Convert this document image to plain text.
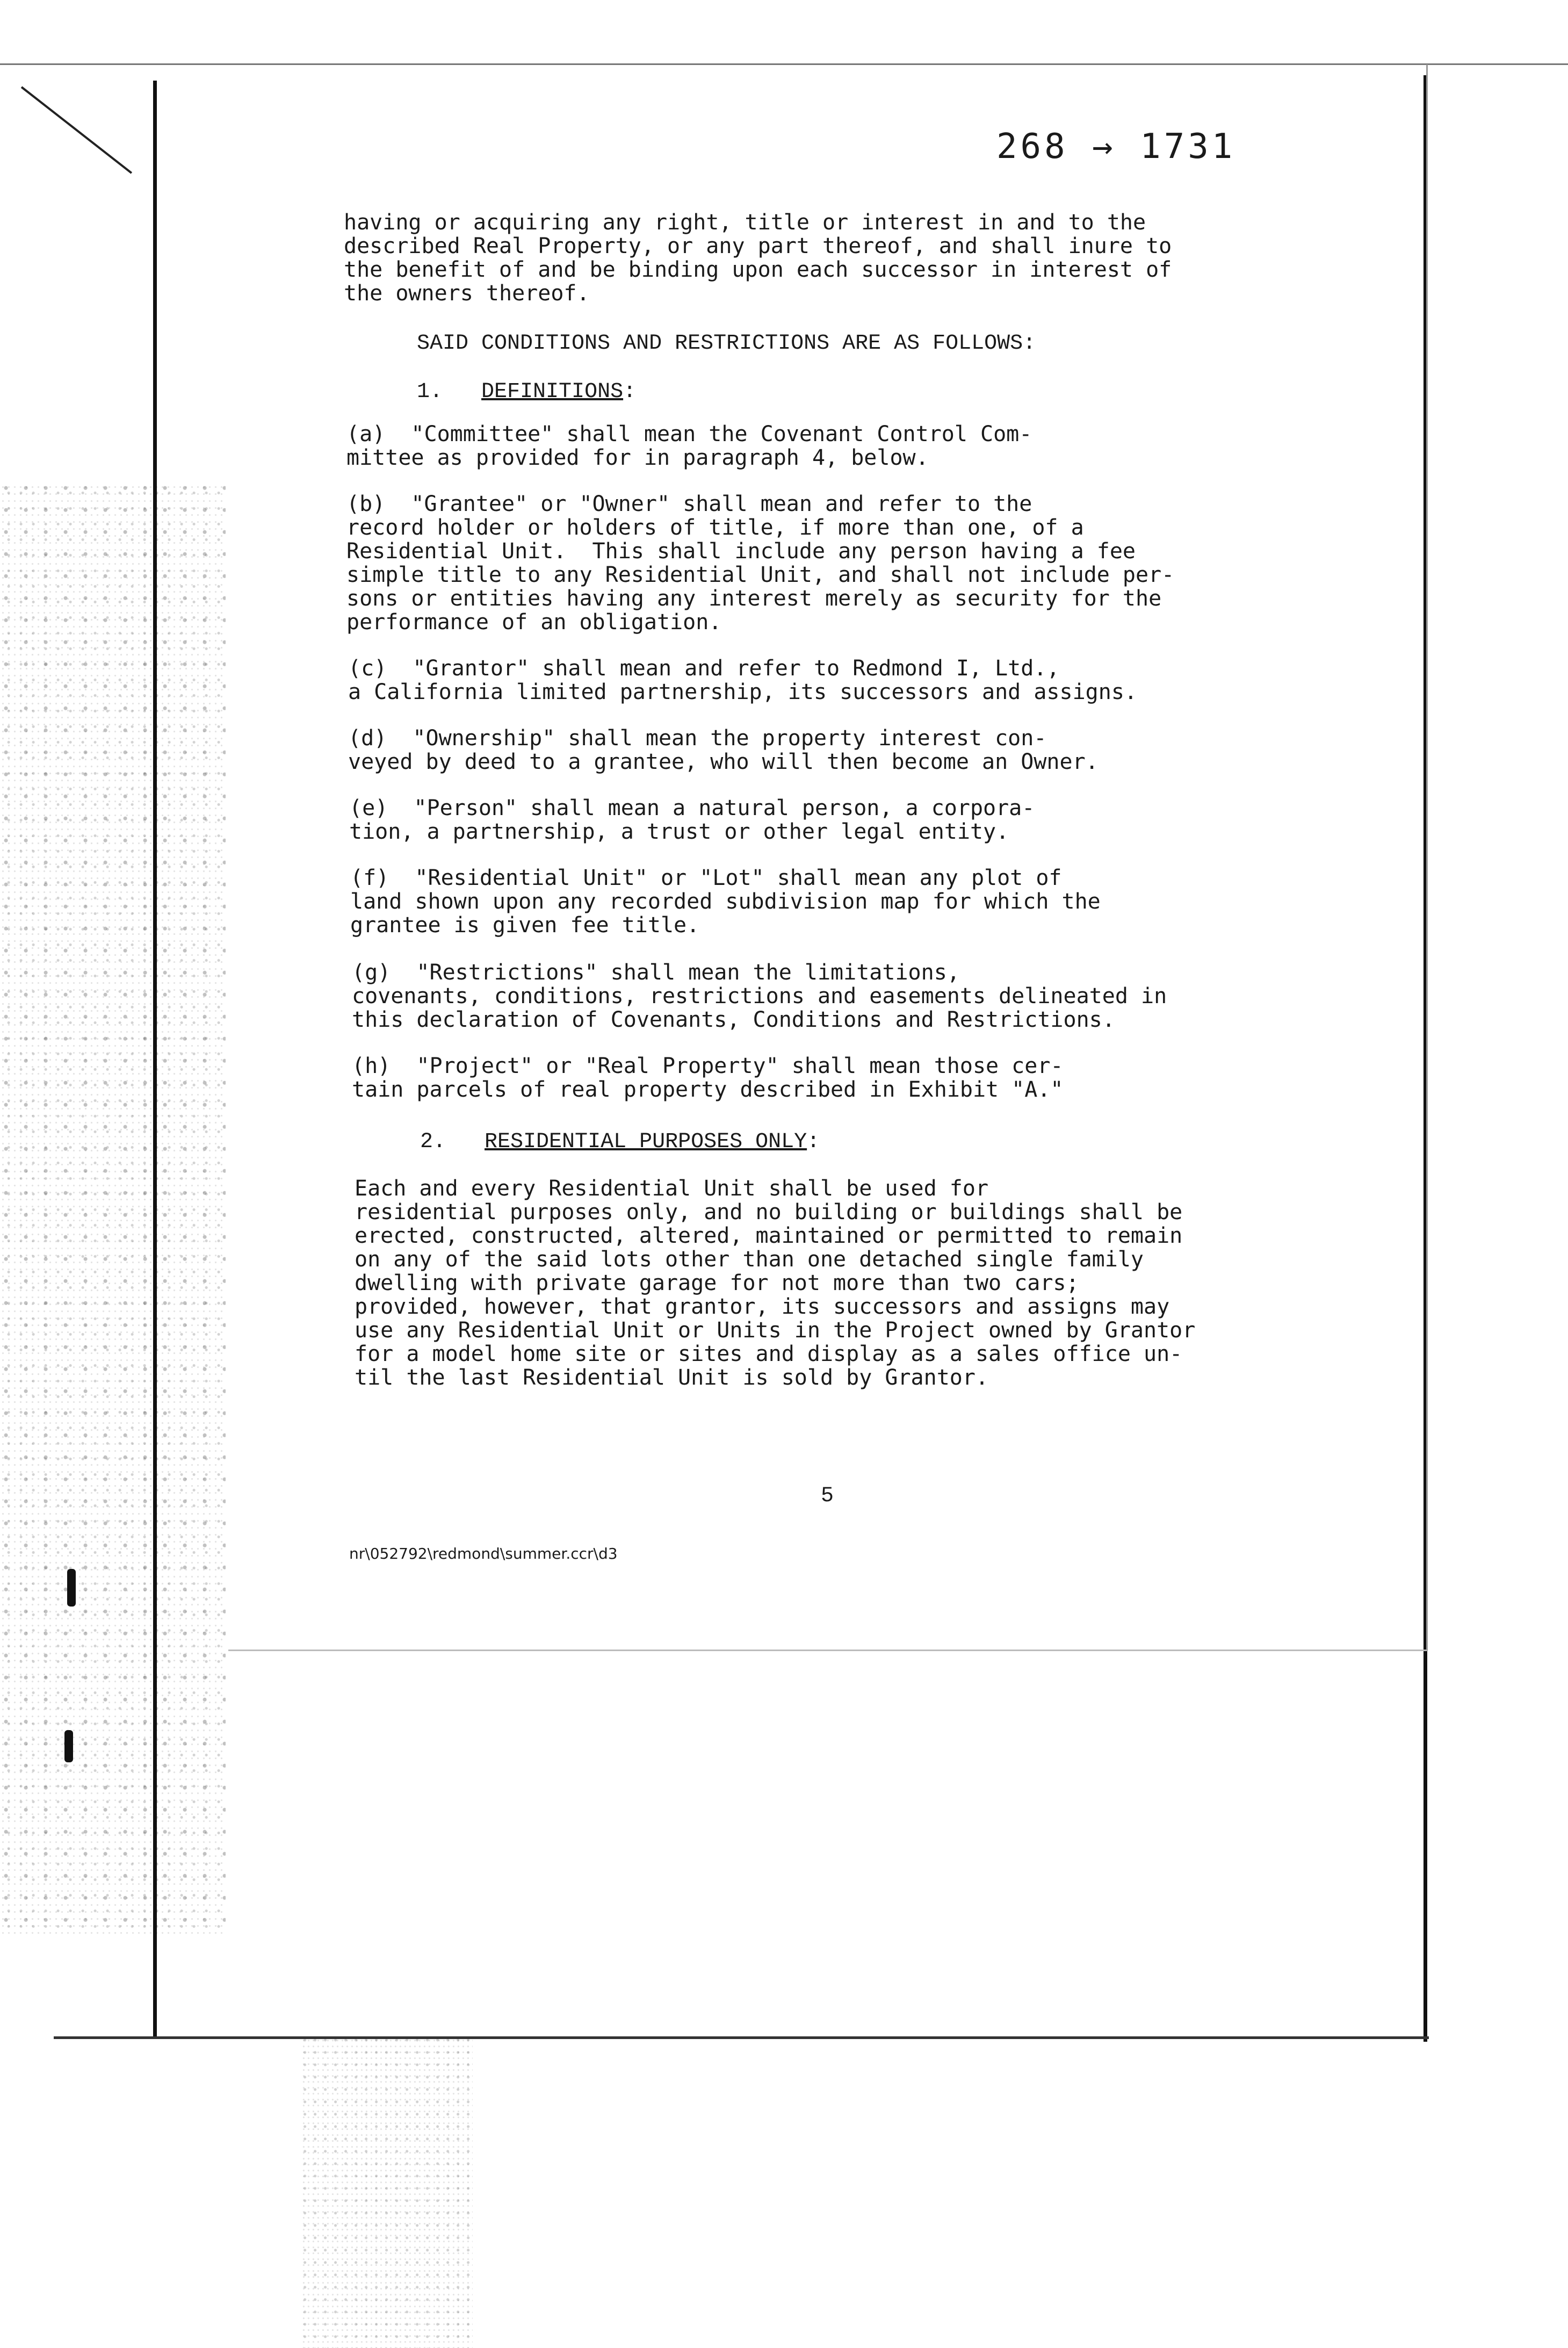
268 → 1731
having or acquiring any right, title or interest in and to the
described Real Property, or any part thereof, and shall inure to
the benefit of and be binding upon each successor in interest of
the owners thereof.
SAID CONDITIONS AND RESTRICTIONS ARE AS FOLLOWS:
1. DEFINITIONS:
(a)  "Committee" shall mean the Covenant Control Com-
mittee as provided for in paragraph 4, below.
(b)  "Grantee" or "Owner" shall mean and refer to the
record holder or holders of title, if more than one, of a
Residential Unit.  This shall include any person having a fee
simple title to any Residential Unit, and shall not include per-
sons or entities having any interest merely as security for the
performance of an obligation.
(c)  "Grantor" shall mean and refer to Redmond I, Ltd.,
a California limited partnership, its successors and assigns.
(d)  "Ownership" shall mean the property interest con-
veyed by deed to a grantee, who will then become an Owner.
(e)  "Person" shall mean a natural person, a corpora-
tion, a partnership, a trust or other legal entity.
(f)  "Residential Unit" or "Lot" shall mean any plot of
land shown upon any recorded subdivision map for which the
grantee is given fee title.
(g)  "Restrictions" shall mean the limitations,
covenants, conditions, restrictions and easements delineated in
this declaration of Covenants, Conditions and Restrictions.
(h)  "Project" or "Real Property" shall mean those cer-
tain parcels of real property described in Exhibit "A."
2. RESIDENTIAL PURPOSES ONLY:
Each and every Residential Unit shall be used for
residential purposes only, and no building or buildings shall be
erected, constructed, altered, maintained or permitted to remain
on any of the said lots other than one detached single family
dwelling with private garage for not more than two cars;
provided, however, that grantor, its successors and assigns may
use any Residential Unit or Units in the Project owned by Grantor
for a model home site or sites and display as a sales office un-
til the last Residential Unit is sold by Grantor.
5
nr\052792\redmond\summer.ccr\d3
